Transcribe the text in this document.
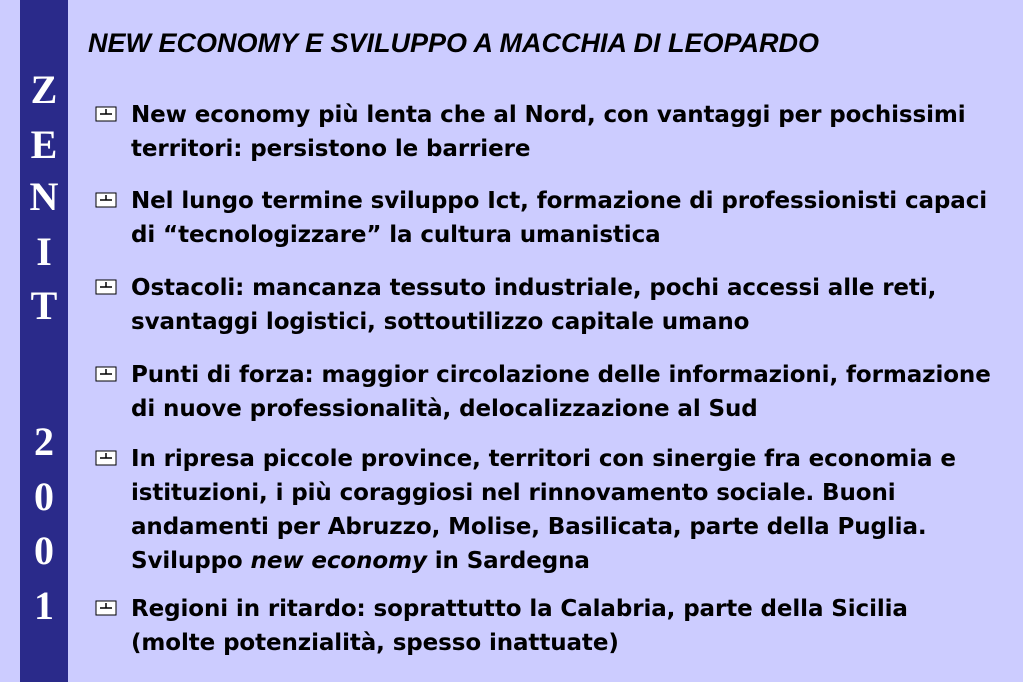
Z
E
N
I
T
2
0
0
1
NEW ECONOMY E SVILUPPO A MACCHIA DI LEOPARDO
New economy più lenta che al Nord, con vantaggi per pochissimi territori: persistono le barriere
Nel lungo termine sviluppo Ict, formazione di professionisti capaci di “tecnologizzare” la cultura umanistica
Ostacoli: mancanza tessuto industriale, pochi accessi alle reti, svantaggi logistici, sottoutilizzo capitale umano
Punti di forza: maggior circolazione delle informazioni, formazione di nuove professionalità, delocalizzazione al Sud
In ripresa piccole province, territori con sinergie fra economia e istituzioni, i più coraggiosi nel rinnovamento sociale. Buoni andamenti per Abruzzo, Molise, Basilicata, parte della Puglia. Sviluppo new economy in Sardegna
Regioni in ritardo: soprattutto la Calabria, parte della Sicilia (molte potenzialità, spesso inattuate)
